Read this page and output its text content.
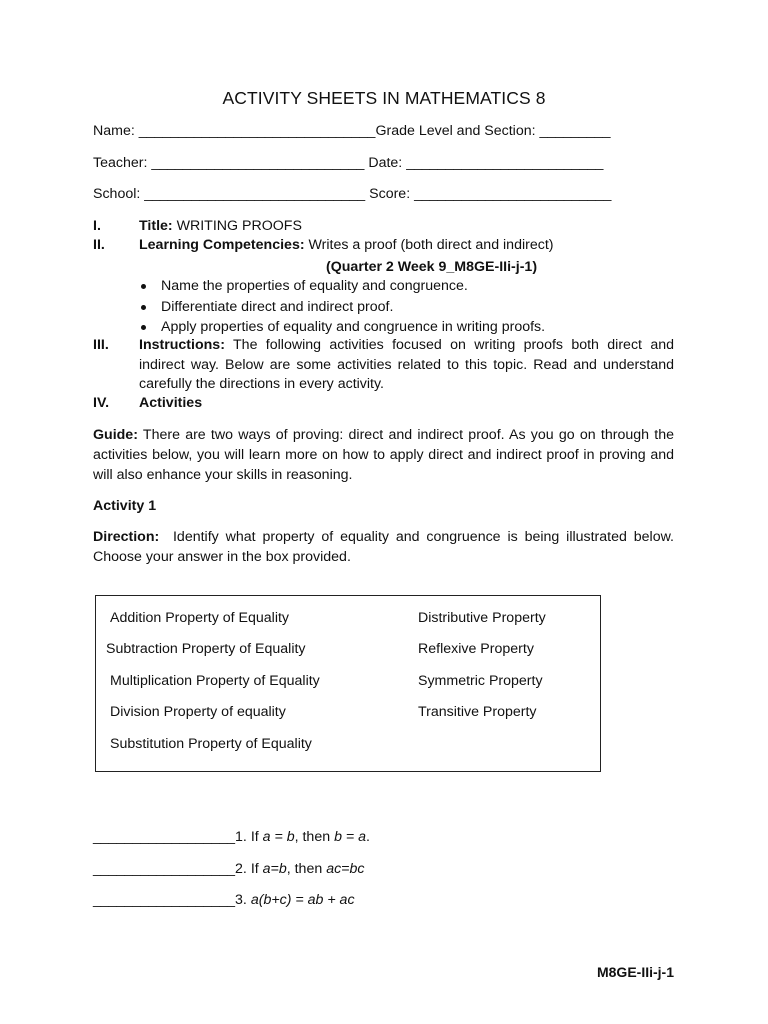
ACTIVITY SHEETS IN MATHEMATICS 8
Name: ______________________________Grade Level and Section: _________
Teacher: ___________________________ Date: _________________________
School: ____________________________ Score: _________________________
I.	Title: WRITING PROOFS
II. Learning Competencies: Writes a proof (both direct and indirect)
(Quarter 2 Week 9_M8GE-IIi-j-1)
Name the properties of equality and congruence.
Differentiate direct and indirect proof.
Apply properties of equality and congruence in writing proofs.
III. Instructions: The following activities focused on writing proofs both direct and indirect way. Below are some activities related to this topic. Read and understand carefully the directions in every activity.
IV. Activities
Guide: There are two ways of proving: direct and indirect proof. As you go on through the activities below, you will learn more on how to apply direct and indirect proof in proving and will also enhance your skills in reasoning.
Activity 1
Direction: Identify what property of equality and congruence is being illustrated below. Choose your answer in the box provided.
Addition Property of Equality
Subtraction Property of Equality
Multiplication Property of Equality
Division Property of equality
Substitution Property of Equality
Distributive Property
Reflexive Property
Symmetric Property
Transitive Property
__________________1. If a = b, then b = a.
__________________2. If a=b, then ac=bc
__________________3. a(b+c) = ab + ac
M8GE-IIi-j-1
